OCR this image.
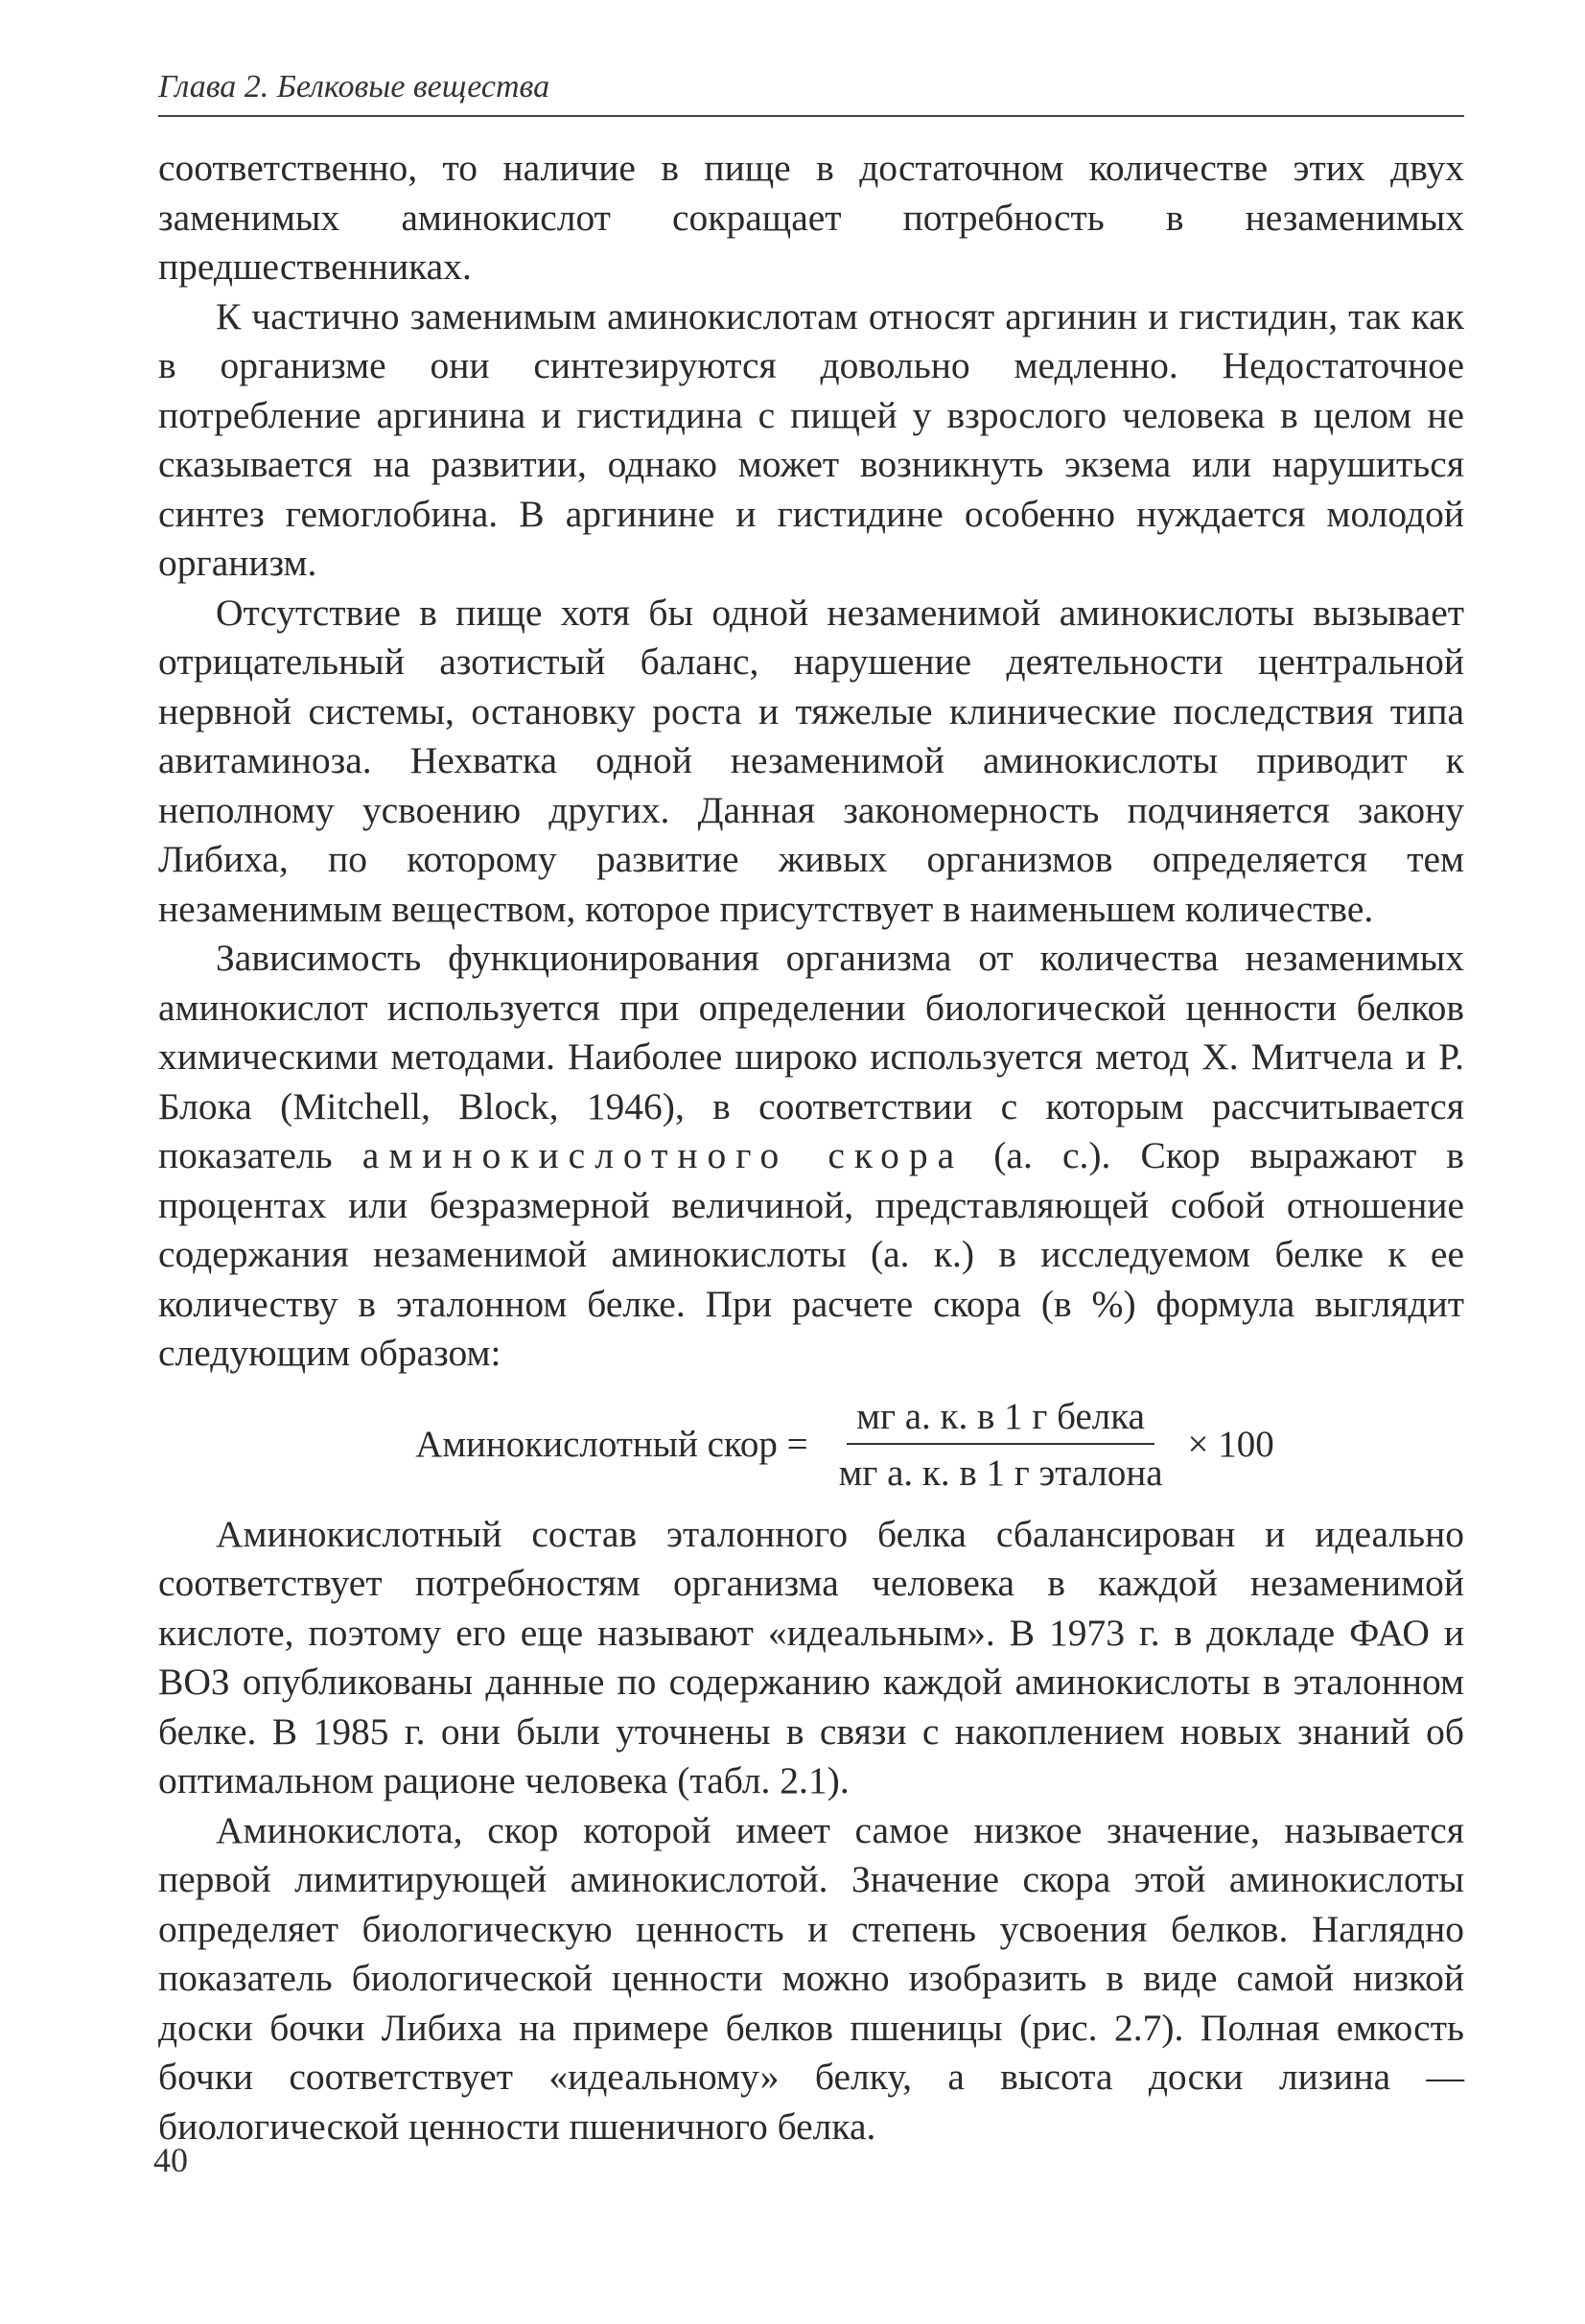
Глава 2. Белковые вещества

соответственно, то наличие в пище в достаточном количестве этих двух заменимых аминокислот сокращает потребность в незаменимых предшественниках.

К частично заменимым аминокислотам относят аргинин и гистидин, так как в организме они синтезируются довольно медленно. Недостаточное потребление аргинина и гистидина с пищей у взрослого человека в целом не сказывается на развитии, однако может возникнуть экзема или нарушиться синтез гемоглобина. В аргинине и гистидине особенно нуждается молодой организм.

Отсутствие в пище хотя бы одной незаменимой аминокислоты вызывает отрицательный азотистый баланс, нарушение деятельности центральной нервной системы, остановку роста и тяжелые клинические последствия типа авитаминоза. Нехватка одной незаменимой аминокислоты приводит к неполному усвоению других. Данная закономерность подчиняется закону Либиха, по которому развитие живых организмов определяется тем незаменимым веществом, которое присутствует в наименьшем количестве.

Зависимость функционирования организма от количества незаменимых аминокислот используется при определении биологической ценности белков химическими методами. Наиболее широко используется метод X. Митчела и Р. Блока (Mitchell, Block, 1946), в соответствии с которым рассчитывается показатель аминокислотного скора (а. с.). Скор выражают в процентах или безразмерной величиной, представляющей собой отношение содержания незаменимой аминокислоты (а. к.) в исследуемом белке к ее количеству в эталонном белке. При расчете скора (в %) формула выглядит следующим образом:

Аминокислотный скор = $\frac{\text{мг а. к. в 1 г белка}}{\text{мг а. к. в 1 г эталона}} \times 100$

Аминокислотный состав эталонного белка сбалансирован и идеально соответствует потребностям организма человека в каждой незаменимой кислоте, поэтому его еще называют «идеальным». В 1973 г. в докладе ФАО и ВОЗ опубликованы данные по содержанию каждой аминокислоты в эталонном белке. В 1985 г. они были уточнены в связи с накоплением новых знаний об оптимальном рационе человека (табл. 2.1).

Аминокислота, скор которой имеет самое низкое значение, называется первой лимитирующей аминокислотой. Значение скора этой аминокислоты определяет биологическую ценность и степень усвоения белков. Наглядно показатель биологической ценности можно изобразить в виде самой низкой доски бочки Либиха на примере белков пшеницы (рис. 2.7). Полная емкость бочки соответствует «идеальному» белку, а высота доски лизина — биологической ценности пшеничного белка.

40
